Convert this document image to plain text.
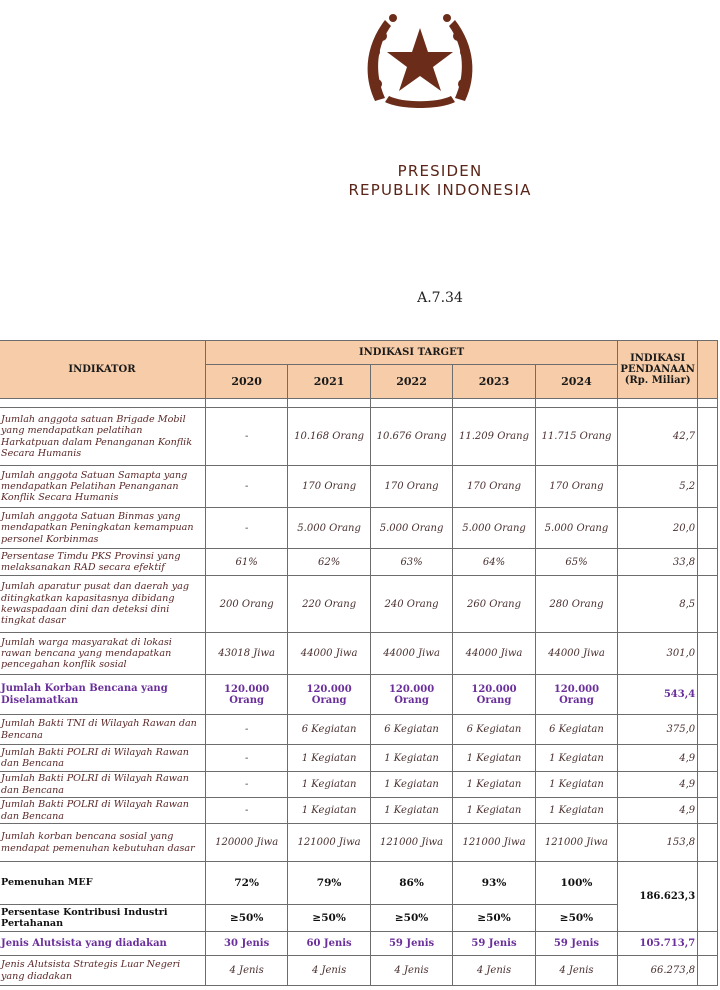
PRESIDEN
REPUBLIK INDONESIA
A.7.34
INDIKATOR	INDIKASI TARGET					INDIKASI
PENDANAAN
(Rp. Miliar)	
	2020	2021	2022	2023	2024		

Jumlah anggota satuan Brigade Mobil yang mendapatkan pelatihan Harkatpuan dalam Penanganan Konflik Secara Humanis	-	10.168 Orang	10.676 Orang	11.209 Orang	11.715 Orang	42,7	
Jumlah anggota Satuan Samapta yang mendapatkan Pelatihan Penanganan Konflik Secara Humanis	-	170 Orang	170 Orang	170 Orang	170 Orang	5,2	
Jumlah anggota Satuan Binmas yang mendapatkan Peningkatan kemampuan personel Korbinmas	-	5.000 Orang	5.000 Orang	5.000 Orang	5.000 Orang	20,0	
Persentase Timdu PKS Provinsi yang melaksanakan RAD secara efektif	61%	62%	63%	64%	65%	33,8	
Jumlah aparatur pusat dan daerah yag ditingkatkan kapasitasnya dibidang kewaspadaan dini dan deteksi dini tingkat dasar	200 Orang	220 Orang	240 Orang	260 Orang	280 Orang	8,5	
Jumlah warga masyarakat di lokasi rawan bencana yang mendapatkan pencegahan konflik sosial	43018 Jiwa	44000 Jiwa	44000 Jiwa	44000 Jiwa	44000 Jiwa	301,0	
Jumlah Korban Bencana yang Diselamatkan	120.000 Orang	120.000 Orang	120.000 Orang	120.000 Orang	120.000 Orang	543,4	
Jumlah Bakti TNI di Wilayah Rawan dan Bencana	-	6 Kegiatan	6 Kegiatan	6 Kegiatan	6 Kegiatan	375,0	
Jumlah Bakti POLRI di Wilayah Rawan dan Bencana	-	1 Kegiatan	1 Kegiatan	1 Kegiatan	1 Kegiatan	4,9	
Jumlah Bakti POLRI di Wilayah Rawan dan Bencana	-	1 Kegiatan	1 Kegiatan	1 Kegiatan	1 Kegiatan	4,9	
Jumlah Bakti POLRI di Wilayah Rawan dan Bencana	-	1 Kegiatan	1 Kegiatan	1 Kegiatan	1 Kegiatan	4,9	
Jumlah korban bencana sosial yang mendapat pemenuhan kebutuhan dasar	120000 Jiwa	121000 Jiwa	121000 Jiwa	121000 Jiwa	121000 Jiwa	153,8	
Pemenuhan MEF	72%	79%	86%	93%	100%	186.623,3	
Persentase Kontribusi Industri Pertahanan	≥50%	≥50%	≥50%	≥50%	≥50%		
Jenis Alutsista yang diadakan	30 Jenis	60 Jenis	59 Jenis	59 Jenis	59 Jenis	105.713,7	
Jenis Alutsista Strategis Luar Negeri yang diadakan	4 Jenis	4 Jenis	4 Jenis	4 Jenis	4 Jenis	66.273,8	
